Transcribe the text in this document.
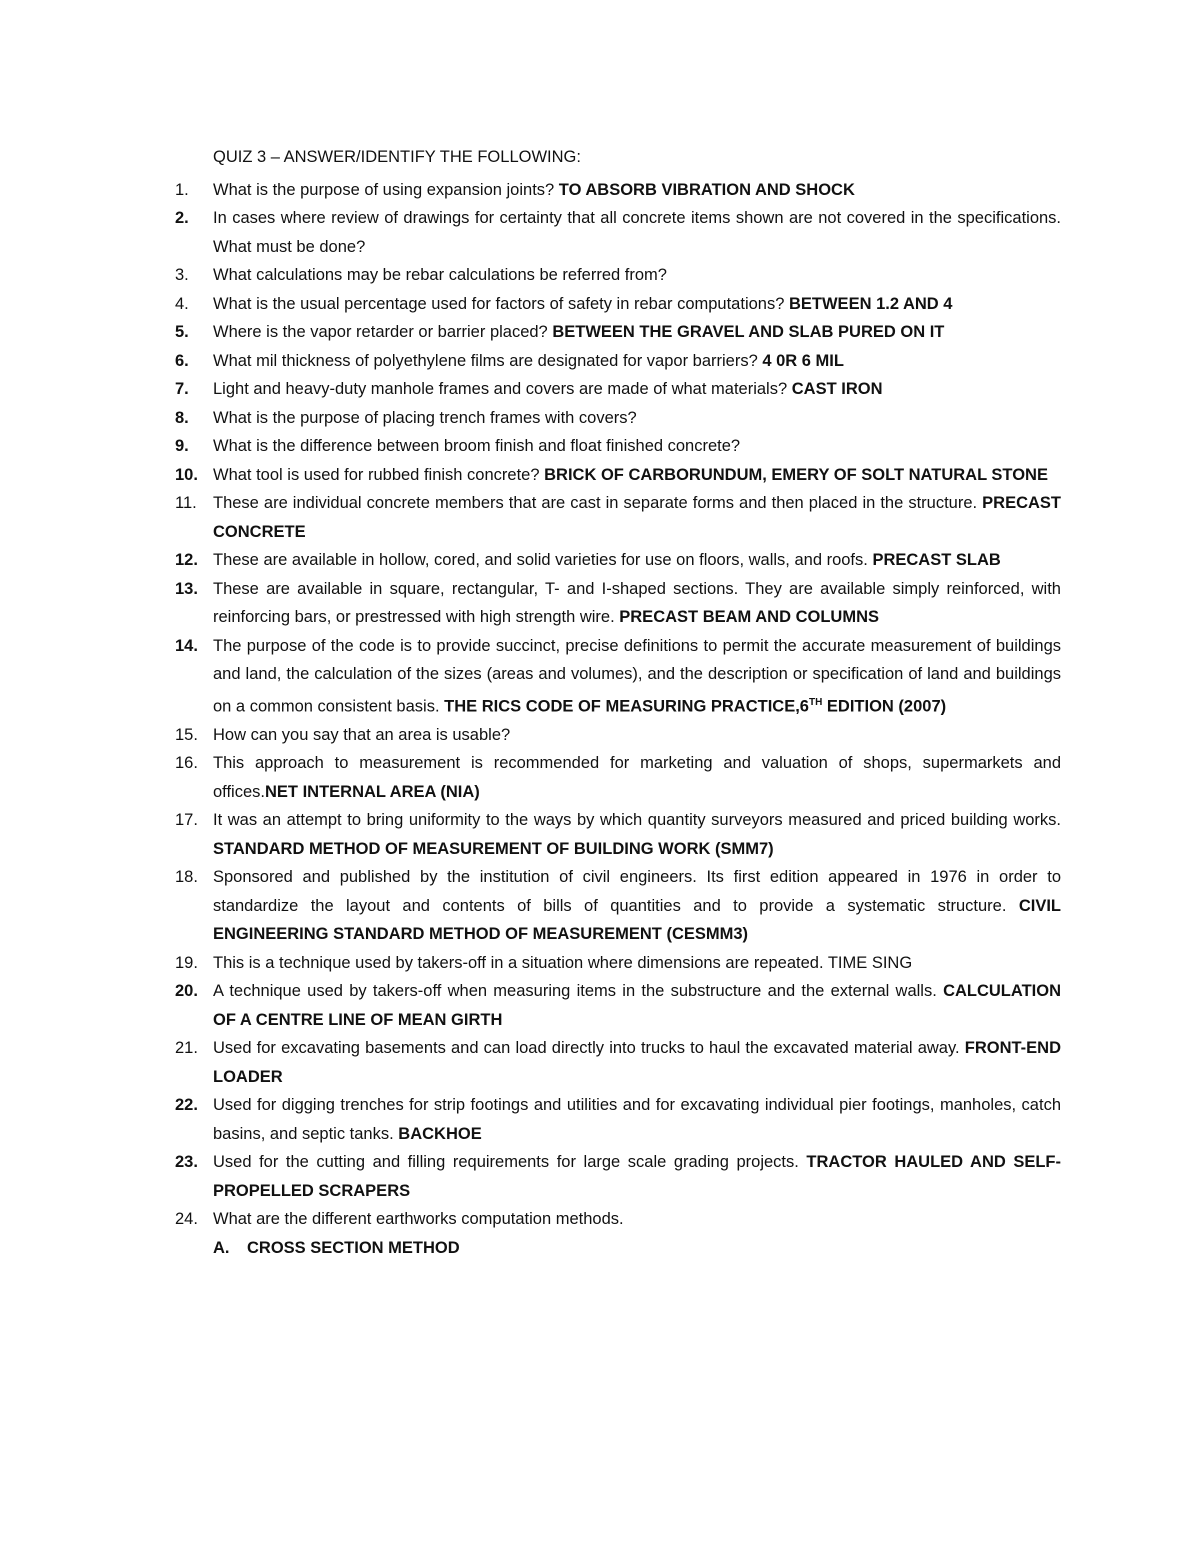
QUIZ 3 – ANSWER/IDENTIFY THE FOLLOWING:
1.	What is the purpose of using expansion joints? TO ABSORB VIBRATION AND SHOCK
2.	In cases where review of drawings for certainty that all concrete items shown are not covered in the specifications. What must be done?
3.	What calculations may be rebar calculations be referred from?
4.	What is the usual percentage used for factors of safety in rebar computations? BETWEEN 1.2 AND 4
5.	Where is the vapor retarder or barrier placed? BETWEEN THE GRAVEL AND SLAB PURED ON IT
6.	What mil thickness of polyethylene films are designated for vapor barriers? 4 0R 6 MIL
7.	Light and heavy-duty manhole frames and covers are made of what materials? CAST IRON
8.	What is the purpose of placing trench frames with covers?
9.	What is the difference between broom finish and float finished concrete?
10. What tool is used for rubbed finish concrete? BRICK OF CARBORUNDUM, EMERY OF SOLT NATURAL STONE
11. These are individual concrete members that are cast in separate forms and then placed in the structure. PRECAST CONCRETE
12. These are available in hollow, cored, and solid varieties for use on floors, walls, and roofs. PRECAST SLAB
13. These are available in square, rectangular, T- and I-shaped sections. They are available simply reinforced, with reinforcing bars, or prestressed with high strength wire. PRECAST BEAM AND COLUMNS
14. The purpose of the code is to provide succinct, precise definitions to permit the accurate measurement of buildings and land, the calculation of the sizes (areas and volumes), and the description or specification of land and buildings on a common consistent basis. THE RICS CODE OF MEASURING PRACTICE,6TH EDITION (2007)
15. How can you say that an area is usable?
16. This approach to measurement is recommended for marketing and valuation of shops, supermarkets and offices.NET INTERNAL AREA (NIA)
17. It was an attempt to bring uniformity to the ways by which quantity surveyors measured and priced building works. STANDARD METHOD OF MEASUREMENT OF BUILDING WORK (SMM7)
18. Sponsored and published by the institution of civil engineers. Its first edition appeared in 1976 in order to standardize the layout and contents of bills of quantities and to provide a systematic structure. CIVIL ENGINEERING STANDARD METHOD OF MEASUREMENT (CESMM3)
19. This is a technique used by takers-off in a situation where dimensions are repeated. TIME SING
20. A technique used by takers-off when measuring items in the substructure and the external walls. CALCULATION OF A CENTRE LINE OF MEAN GIRTH
21. Used for excavating basements and can load directly into trucks to haul the excavated material away. FRONT-END LOADER
22. Used for digging trenches for strip footings and utilities and for excavating individual pier footings, manholes, catch basins, and septic tanks. BACKHOE
23. Used for the cutting and filling requirements for large scale grading projects. TRACTOR HAULED AND SELF-PROPELLED SCRAPERS
24. What are the different earthworks computation methods.
A. CROSS SECTION METHOD
